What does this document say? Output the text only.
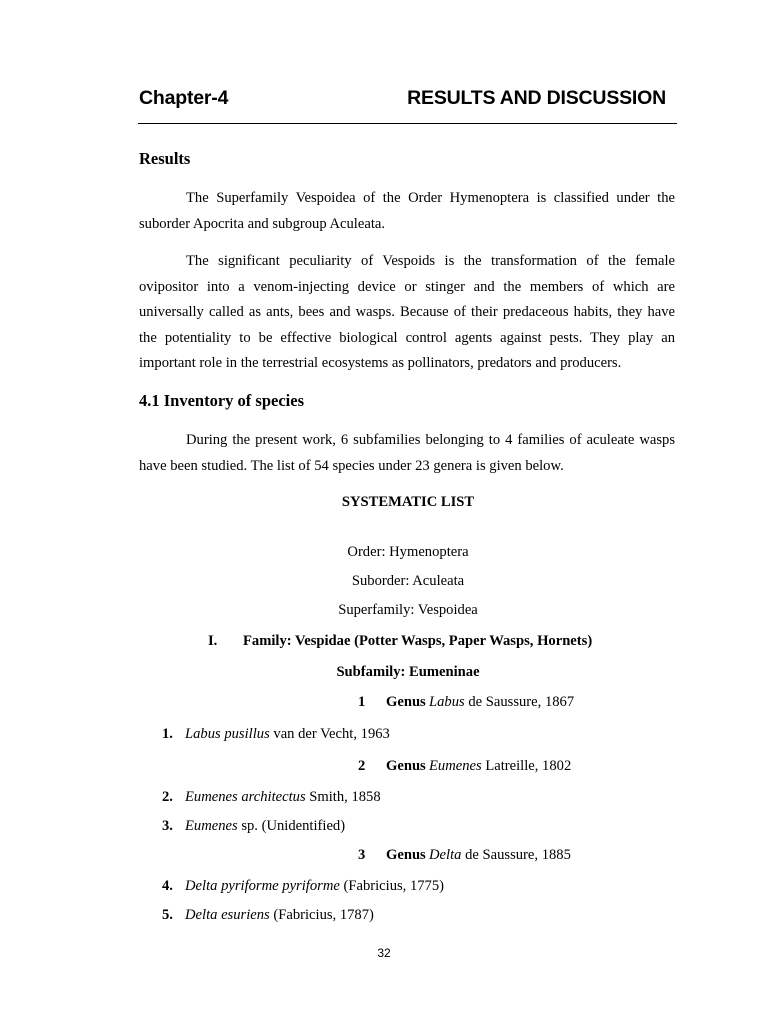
Chapter-4	RESULTS AND DISCUSSION
Results

The Superfamily Vespoidea of the Order Hymenoptera is classified under the suborder Apocrita and subgroup Aculeata.

The significant peculiarity of Vespoids is the transformation of the female ovipositor into a venom-injecting device or stinger and the members of which are universally called as ants, bees and wasps. Because of their predaceous habits, they have the potentiality to be effective biological control agents against pests. They play an important role in the terrestrial ecosystems as pollinators, predators and producers.

4.1 Inventory of species

During the present work, 6 subfamilies belonging to 4 families of aculeate wasps have been studied. The list of 54 species under 23 genera is given below.

SYSTEMATIC LIST
Order: Hymenoptera
Suborder: Aculeata
Superfamily: Vespoidea
I. Family: Vespidae (Potter Wasps, Paper Wasps, Hornets)
Subfamily: Eumeninae
1 Genus Labus de Saussure, 1867
1. Labus pusillus van der Vecht, 1963
2 Genus Eumenes Latreille, 1802
2. Eumenes architectus Smith, 1858
3. Eumenes sp. (Unidentified)
3 Genus Delta de Saussure, 1885
4. Delta pyriforme pyriforme (Fabricius, 1775)
5. Delta esuriens (Fabricius, 1787)
32
